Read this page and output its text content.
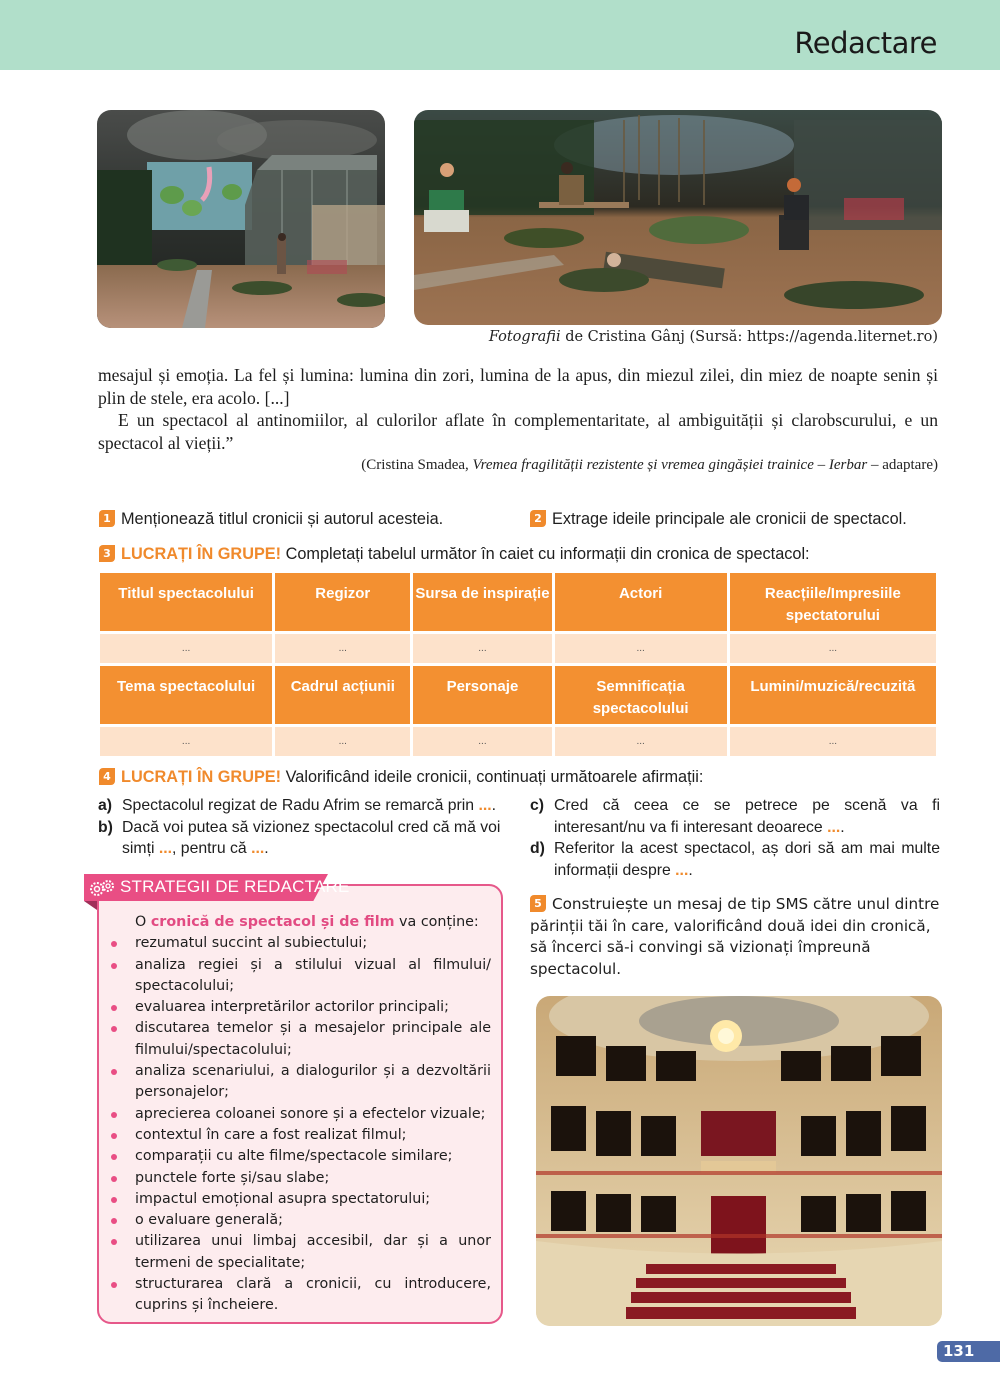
Redactare
Fotografii de Cristina Gânj (Sursă: https://agenda.liternet.ro)

mesajul și emoția. La fel și lumina: lumina din zori, lumina de la apus, din miezul zilei, din miez de noapte senin și plin de stele, era acolo. [...]

E un spectacol al antinomiilor, al culorilor aflate în complementaritate, al ambiguității și clarobscurului, e un spectacol al vieții.”

(Cristina Smadea, Vremea fragilității rezistente și vremea gingășiei trainice – Ierbar – adaptare)
1 Menționează titlul cronicii și autorul acesteia.	2 Extrage ideile principale ale cronicii de spectacol.
3 LUCRAȚI ÎN GRUPE! Completați tabelul următor în caiet cu informații din cronica de spectacol:
Titlul spectacolului	Regizor	Sursa de inspirație	Actori	Reacțiile/Impresiile spectatorului
...	...	...	...	...
Tema spectacolului	Cadrul acțiunii	Personaje	Semnificația spectacolului	Lumini/muzică/recuzită
...	...	...	...	...
4 LUCRAȚI ÎN GRUPE! Valorificând ideile cronicii, continuați următoarele afirmații:
a) Spectacolul regizat de Radu Afrim se remarcă prin ....
b) Dacă voi putea să vizionez spectacolul cred că mă voi simți ..., pentru că ....
c) Cred că ceea ce se petrece pe scenă va fi interesant/nu va fi interesant deoarece ....
d) Referitor la acest spectacol, aș dori să am mai multe informații despre ....
STRATEGII DE REDACTARE

O cronică de spectacol și de film va conține:

rezumatul succint al subiectului;
analiza regiei și a stilului vizual al filmului/ spectacolului;
evaluarea interpretărilor actorilor principali;
discutarea temelor și a mesajelor principale ale filmului/spectacolului;
analiza scenariului, a dialogurilor și a dezvoltării personajelor;
aprecierea coloanei sonore și a efectelor vizuale;
contextul în care a fost realizat filmul;
comparații cu alte filme/spectacole similare;
punctele forte și/sau slabe;
impactul emoțional asupra spectatorului;
o evaluare generală;
utilizarea unui limbaj accesibil, dar și a unor termeni de specialitate;
structurarea clară a cronicii, cu introducere, cuprins și încheiere.
5 Construiește un mesaj de tip SMS către unul dintre părinții tăi în care, valorificând două idei din cronică, să încerci să-i convingi să vizionați împreună spectacolul.
131
